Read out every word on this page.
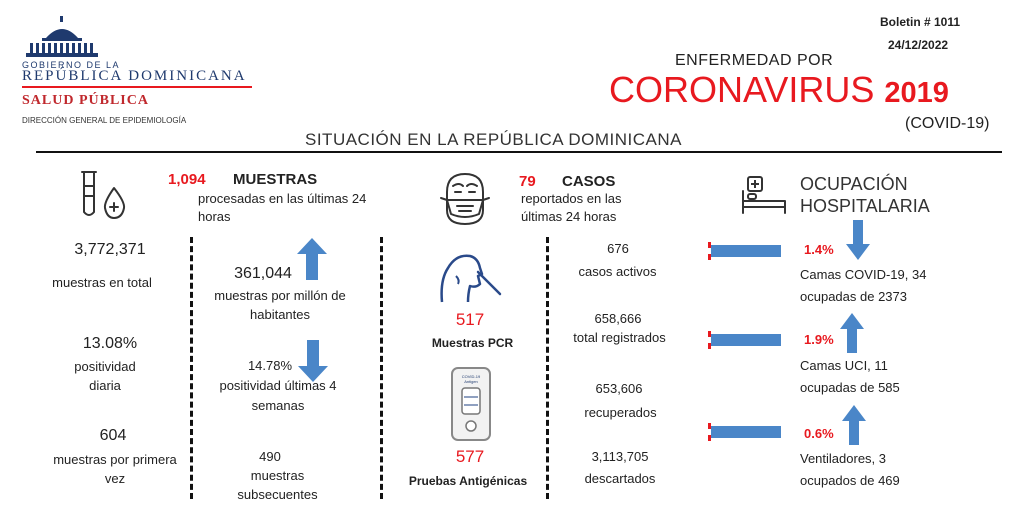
GOBIERNO DE LA
REPÚBLICA DOMINICANA
SALUD PÚBLICA
DIRECCIÓN GENERAL DE EPIDEMIOLOGÍA
Boletin # 1011
24/12/2022
ENFERMEDAD POR
CORONAVIRUS 2019
(COVID-19)
SITUACIÓN EN LA REPÚBLICA DOMINICANA
1,094 MUESTRAS
procesadas en las últimas 24 horas
3,772,371
muestras en total
13.08%
positividad diaria
604
muestras por primera vez
361,044
muestras por millón de habitantes
14.78%
positividad últimas 4 semanas
490
muestras subsecuentes
79 CASOS
reportados en las últimas 24 horas
517
Muestras PCR
COVID-19 Antigen
577
Pruebas Antigénicas
676
casos activos
658,666
total registrados
653,606
recuperados
3,113,705
descartados
OCUPACIÓN
HOSPITALARIA
1.4%
Camas COVID-19, 34
ocupadas de 2373
1.9%
Camas UCI, 11
ocupadas de 585
0.6%
Ventiladores, 3
ocupados de 469
